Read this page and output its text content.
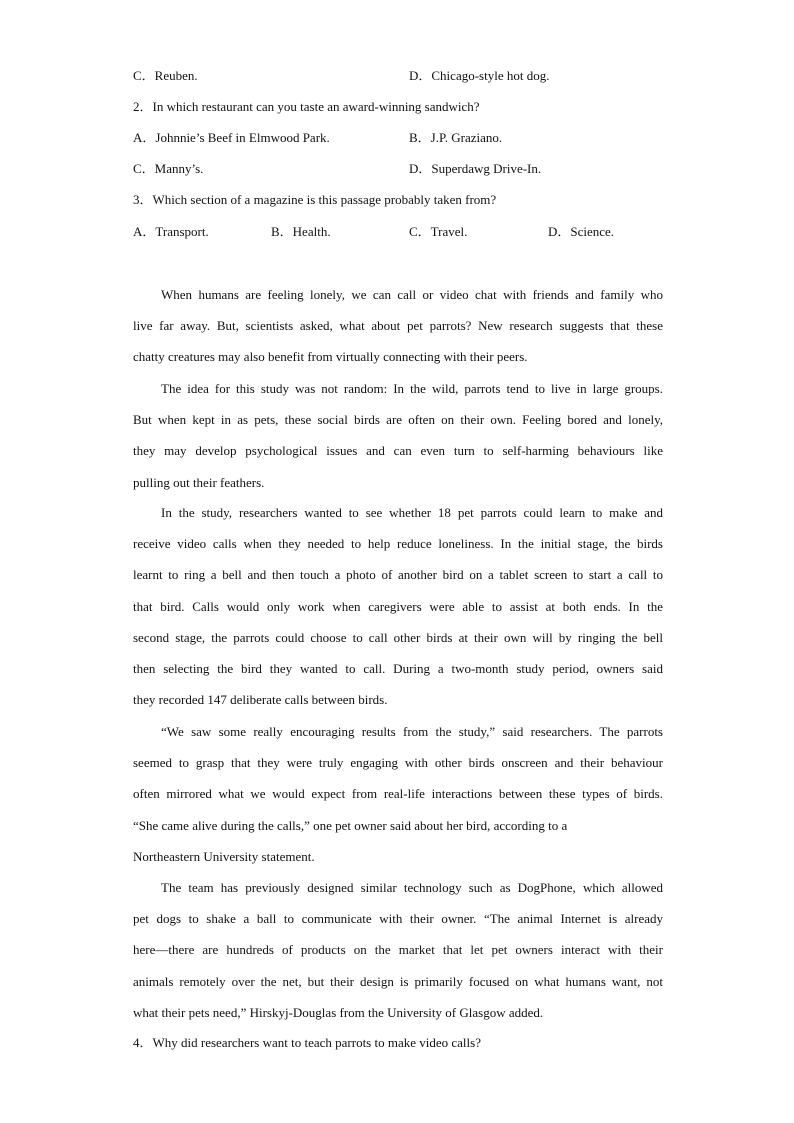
C．Reuben.	D．Chicago-style hot dog.
2．In which restaurant can you taste an award-winning sandwich?
A．Johnnie’s Beef in Elmwood Park.	B．J.P. Graziano.
C．Manny’s.	D．Superdawg Drive-In.
3．Which section of a magazine is this passage probably taken from?
A．Transport.	B．Health.	C．Travel.	D．Science.
When humans are feeling lonely, we can call or video chat with friends and family who
live far away. But, scientists asked, what about pet parrots? New research suggests that these
chatty creatures may also benefit from virtually connecting with their peers.
The idea for this study was not random: In the wild, parrots tend to live in large groups.
But when kept in as pets, these social birds are often on their own. Feeling bored and lonely,
they may develop psychological issues and can even turn to self-harming behaviours like
pulling out their feathers.
In the study, researchers wanted to see whether 18 pet parrots could learn to make and
receive video calls when they needed to help reduce loneliness. In the initial stage, the birds
learnt to ring a bell and then touch a photo of another bird on a tablet screen to start a call to
that bird. Calls would only work when caregivers were able to assist at both ends. In the
second stage, the parrots could choose to call other birds at their own will by ringing the bell
then selecting the bird they wanted to call. During a two-month study period, owners said
they recorded 147 deliberate calls between birds.
“We saw some really encouraging results from the study,” said researchers. The parrots
seemed to grasp that they were truly engaging with other birds onscreen and their behaviour
often mirrored what we would expect from real-life interactions between these types of birds.
“She came alive during the calls,” one pet owner said about her bird, according to a
Northeastern University statement.
The team has previously designed similar technology such as DogPhone, which allowed
pet dogs to shake a ball to communicate with their owner. “The animal Internet is already
here—there are hundreds of products on the market that let pet owners interact with their
animals remotely over the net, but their design is primarily focused on what humans want, not
what their pets need,” Hirskyj-Douglas from the University of Glasgow added.
4．Why did researchers want to teach parrots to make video calls?
